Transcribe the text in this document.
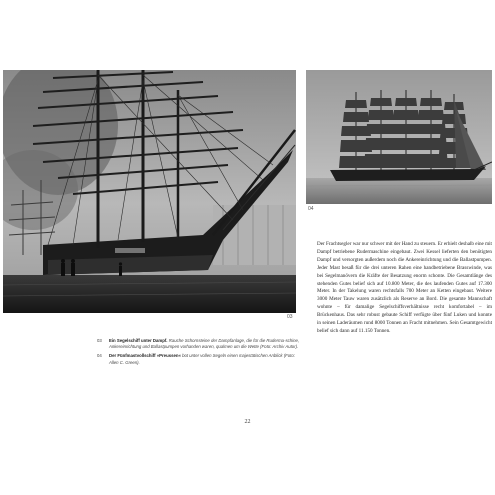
03
04
03 Ein Segelschiff unter Dampf. Rauche Schornsteine der Dampfanlage, die für die Ruderma-schine, Ankereinrichtung und Ballastpumpen vorhanden waren, qualmen um die Wette (Foto: Archiv Autor).
04 Der Fünfmastvollschiff »Preussen« bot unter vollen Segeln einen majestätischen Anblick (Foto: Allen C. Green).

Der Frachtsegler war nur schwer mit der Hand zu steuern. Er erhielt deshalb eine mit Dampf betriebene Rudermaschine eingebaut. Zwei Kessel lieferten den benötigten Dampf und versorgten außerdem noch die Ankereinrichtung und die Ballastpumpen. Jeder Mast besaß für die drei unteren Rahen eine handbetriebene Brasswinde, was bei Segelmanövern die Kräfte der Besatzung enorm schonte. Die Gesamtlänge des stehenden Gutes belief sich auf 10.800 Meter, die des laufenden Gutes auf 17.300 Meter. In der Takelung waren rechtsfalls 700 Meter an Ketten eingebaut. Weitere 3000 Meter Tauw waren zusätzlich als Reserve an Bord. Die gesamte Mannschaft wohnte – für damalige Segelschiffsverhältnisse recht komfortabel – im Brückenhaus. Das sehr robust gebaute Schiff verfügte über fünf Luken und konnte in seinen Laderäumen rund 8000 Tonnen an Fracht mitnehmen. Sein Gesamtgewicht belief sich dann auf 11.150 Tonnen.

22
